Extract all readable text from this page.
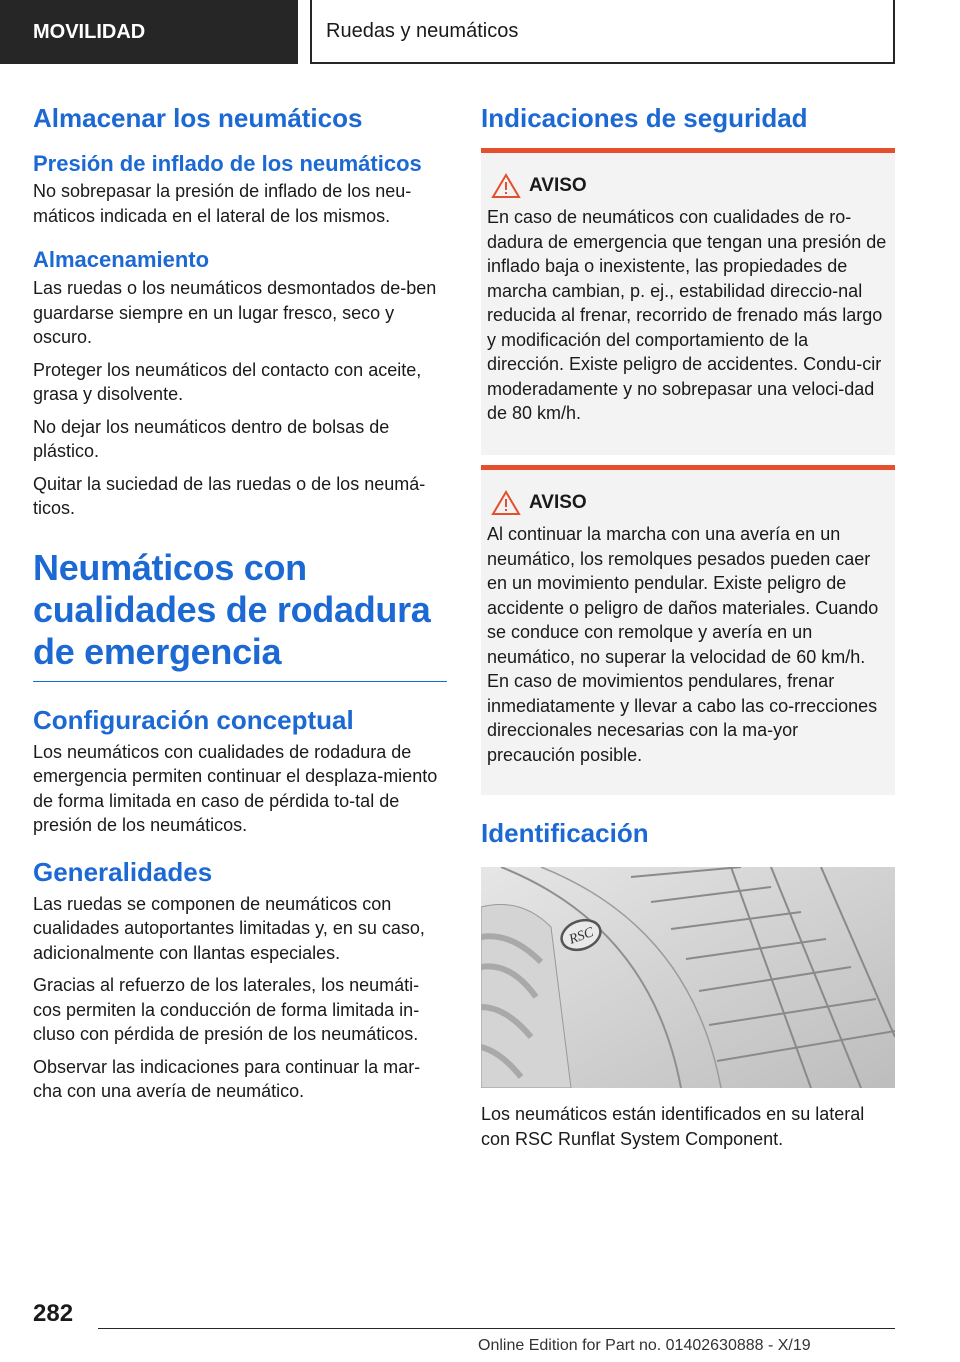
MOVILIDAD	Ruedas y neumáticos
Almacenar los neumáticos
Presión de inflado de los neumáticos

No sobrepasar la presión de inflado de los neu-máticos indicada en el lateral de los mismos.

Almacenamiento

Las ruedas o los neumáticos desmontados de-ben guardarse siempre en un lugar fresco, seco y oscuro.

Proteger los neumáticos del contacto con aceite, grasa y disolvente.

No dejar los neumáticos dentro de bolsas de plástico.

Quitar la suciedad de las ruedas o de los neumá-ticos.

Neumáticos con cualidades de rodadura de emergencia
Configuración conceptual

Los neumáticos con cualidades de rodadura de emergencia permiten continuar el desplaza-miento de forma limitada en caso de pérdida to-tal de presión de los neumáticos.

Generalidades

Las ruedas se componen de neumáticos con cualidades autoportantes limitadas y, en su caso, adicionalmente con llantas especiales.

Gracias al refuerzo de los laterales, los neumáti-cos permiten la conducción de forma limitada in-cluso con pérdida de presión de los neumáticos.

Observar las indicaciones para continuar la mar-cha con una avería de neumático.

Indicaciones de seguridad
AVISO

En caso de neumáticos con cualidades de ro-dadura de emergencia que tengan una presión de inflado baja o inexistente, las propiedades de marcha cambian, p. ej., estabilidad direccio-nal reducida al frenar, recorrido de frenado más largo y modificación del comportamiento de la dirección. Existe peligro de accidentes. Condu-cir moderadamente y no sobrepasar una veloci-dad de 80 km/h.

AVISO

Al continuar la marcha con una avería en un neumático, los remolques pesados pueden caer en un movimiento pendular. Existe peligro de accidente o peligro de daños materiales. Cuando se conduce con remolque y avería en un neumático, no superar la velocidad de 60 km/h. En caso de movimientos pendulares, frenar inmediatamente y llevar a cabo las co-rrecciones direccionales necesarias con la ma-yor precaución posible.

Identificación
RSC

Los neumáticos están identificados en su lateral con RSC Runflat System Component.

282
Online Edition for Part no. 01402630888 - X/19
